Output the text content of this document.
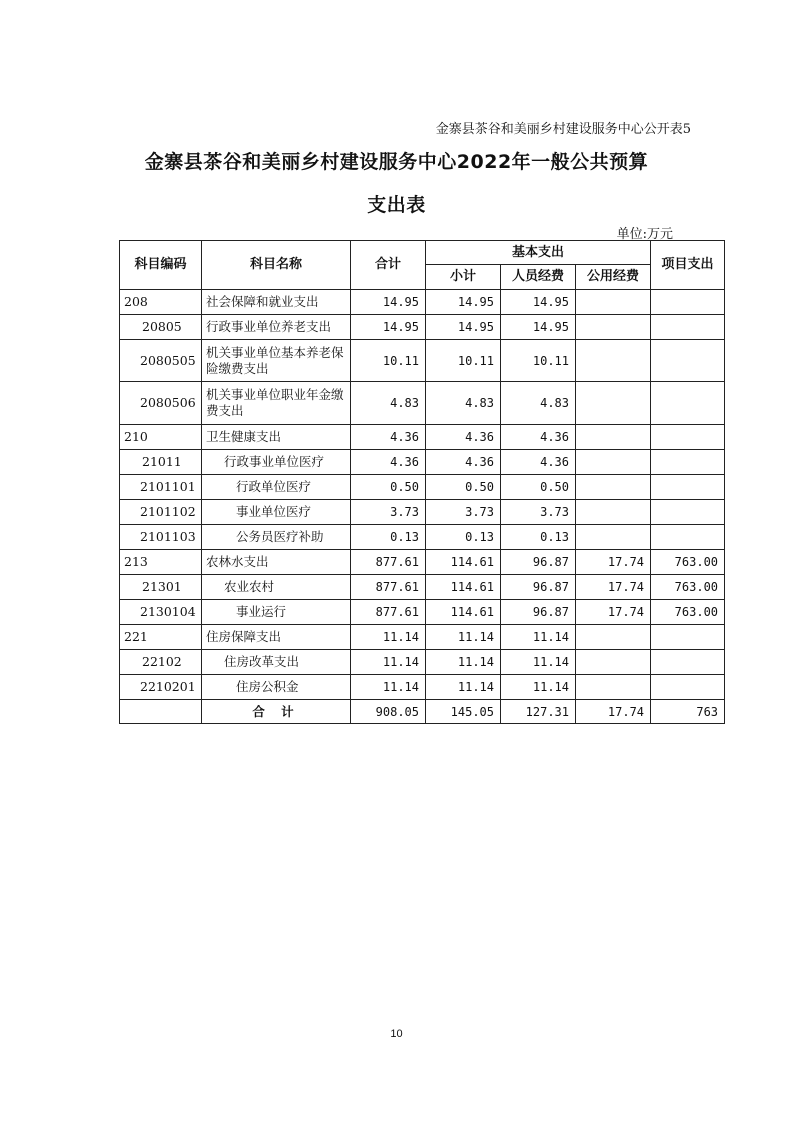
金寨县茶谷和美丽乡村建设服务中心公开表5
金寨县茶谷和美丽乡村建设服务中心2022年一般公共预算
支出表
单位:万元
科目编码	科目名称	合计	基本支出			项目支出
			小计	人员经费	公用经费	
208	社会保障和就业支出	14.95	14.95	14.95		
20805	行政事业单位养老支出	14.95	14.95	14.95		
2080505	机关事业单位基本养老保险缴费支出	10.11	10.11	10.11		
2080506	机关事业单位职业年金缴费支出	4.83	4.83	4.83		
210	卫生健康支出	4.36	4.36	4.36		
21011	行政事业单位医疗	4.36	4.36	4.36		
2101101	行政单位医疗	0.50	0.50	0.50		
2101102	事业单位医疗	3.73	3.73	3.73		
2101103	公务员医疗补助	0.13	0.13	0.13		
213	农林水支出	877.61	114.61	96.87	17.74	763.00
21301	农业农村	877.61	114.61	96.87	17.74	763.00
2130104	事业运行	877.61	114.61	96.87	17.74	763.00
221	住房保障支出	11.14	11.14	11.14		
22102	住房改革支出	11.14	11.14	11.14		
2210201	住房公积金	11.14	11.14	11.14		
	合 计	908.05	145.05	127.31	17.74	763
10
